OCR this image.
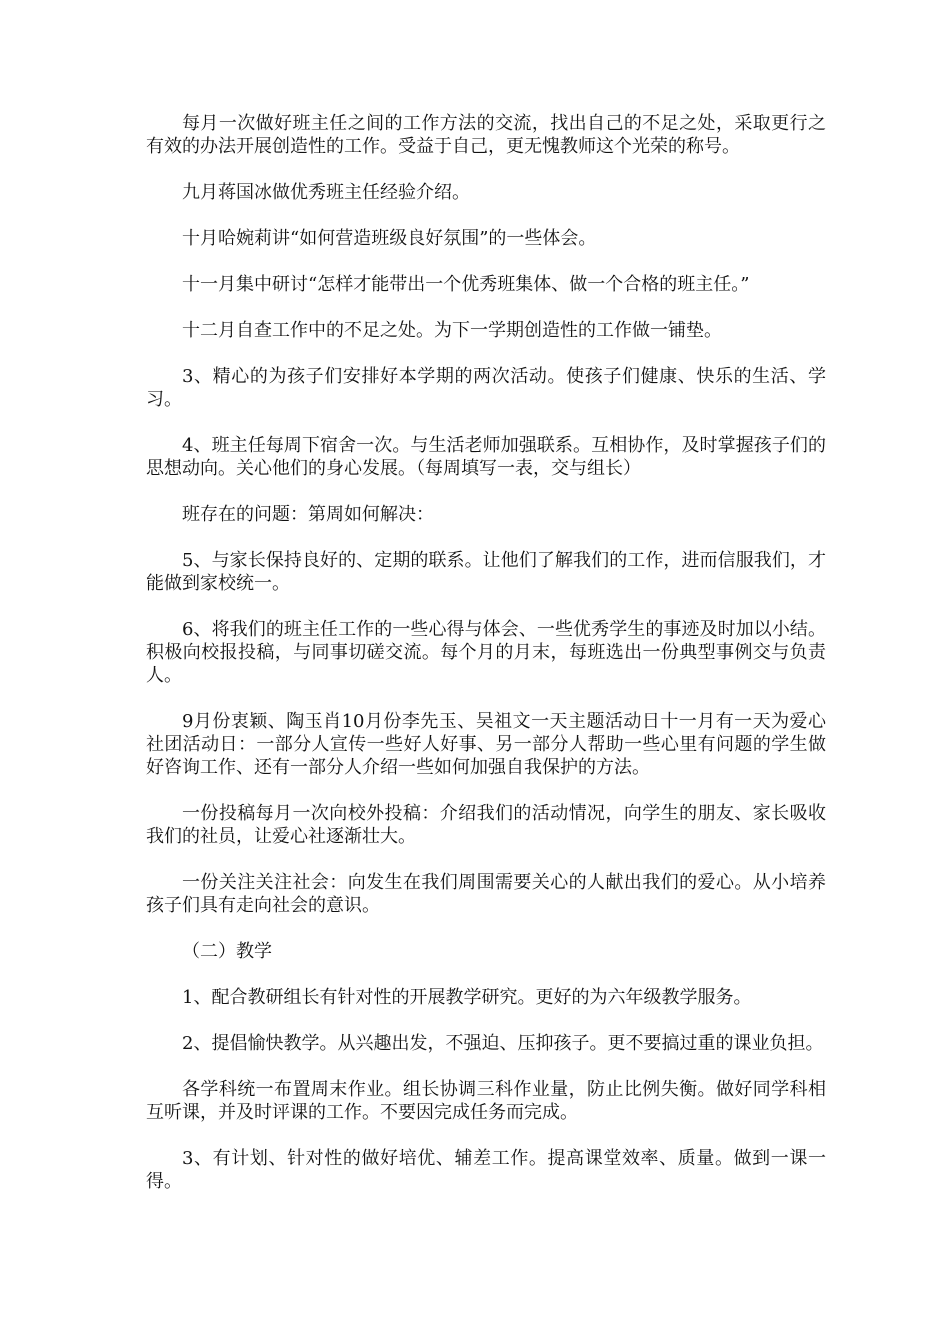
每月一次做好班主任之间的工作方法的交流，找出自己的不足之处，采取更行之有效的办法开展创造性的工作。受益于自己，更无愧教师这个光荣的称号。

九月蒋国冰做优秀班主任经验介绍。

十月哈婉莉讲“如何营造班级良好氛围”的一些体会。

十一月集中研讨“怎样才能带出一个优秀班集体、做一个合格的班主任。”

十二月自查工作中的不足之处。为下一学期创造性的工作做一铺垫。

3、精心的为孩子们安排好本学期的两次活动。使孩子们健康、快乐的生活、学习。

4、班主任每周下宿舍一次。与生活老师加强联系。互相协作，及时掌握孩子们的思想动向。关心他们的身心发展。（每周填写一表，交与组长）

班存在的问题：第周如何解决：

5、与家长保持良好的、定期的联系。让他们了解我们的工作，进而信服我们，才能做到家校统一。

6、将我们的班主任工作的一些心得与体会、一些优秀学生的事迹及时加以小结。积极向校报投稿，与同事切磋交流。每个月的月末，每班选出一份典型事例交与负责人。

9月份衷颖、陶玉肖10月份李先玉、吴祖文一天主题活动日十一月有一天为爱心社团活动日：一部分人宣传一些好人好事、另一部分人帮助一些心里有问题的学生做好咨询工作、还有一部分人介绍一些如何加强自我保护的方法。

一份投稿每月一次向校外投稿：介绍我们的活动情况，向学生的朋友、家长吸收我们的社员，让爱心社逐渐壮大。

一份关注关注社会：向发生在我们周围需要关心的人献出我们的爱心。从小培养孩子们具有走向社会的意识。

（二）教学

1、配合教研组长有针对性的开展教学研究。更好的为六年级教学服务。

2、提倡愉快教学。从兴趣出发，不强迫、压抑孩子。更不要搞过重的课业负担。

各学科统一布置周末作业。组长协调三科作业量，防止比例失衡。做好同学科相互听课，并及时评课的工作。不要因完成任务而完成。

3、有计划、针对性的做好培优、辅差工作。提高课堂效率、质量。做到一课一得。
